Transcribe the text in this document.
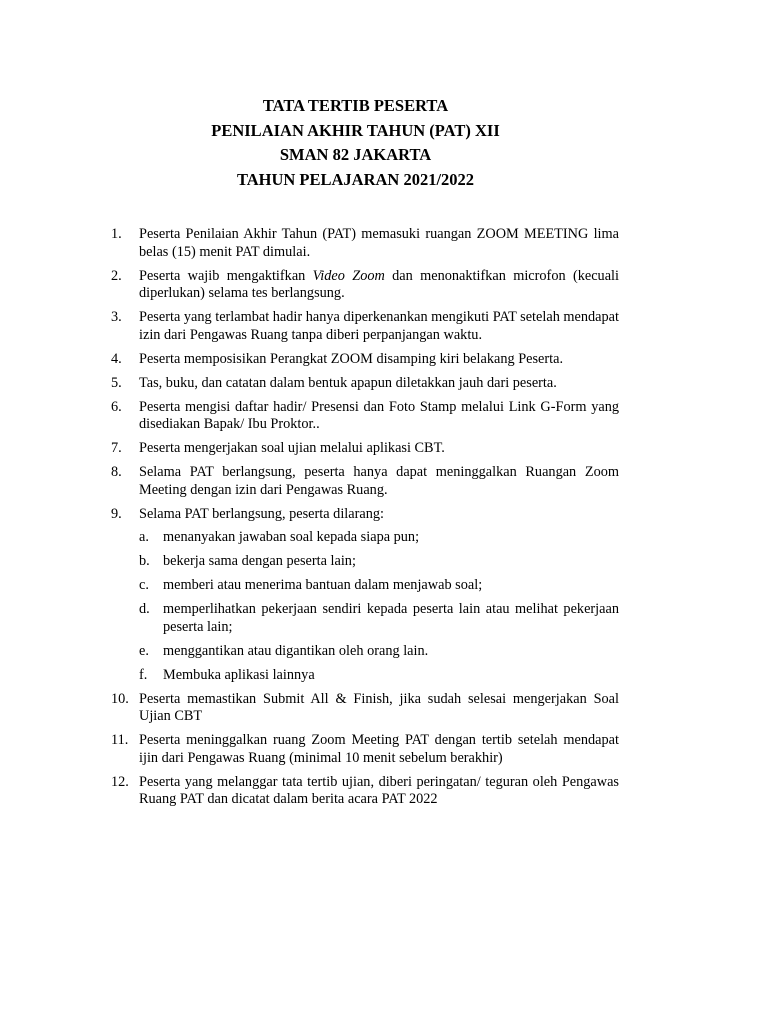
TATA TERTIB PESERTA
PENILAIAN AKHIR TAHUN (PAT) XII
SMAN 82 JAKARTA
TAHUN PELAJARAN 2021/2022
1.	Peserta Penilaian Akhir Tahun (PAT) memasuki ruangan ZOOM MEETING lima belas (15) menit PAT dimulai.
2.	Peserta wajib mengaktifkan Video Zoom dan menonaktifkan microfon (kecuali diperlukan) selama tes berlangsung.
3.	Peserta yang terlambat hadir hanya diperkenankan mengikuti PAT setelah mendapat izin dari Pengawas Ruang tanpa diberi perpanjangan waktu.
4.	Peserta memposisikan Perangkat ZOOM disamping kiri belakang Peserta.
5.	Tas, buku, dan catatan dalam bentuk apapun diletakkan jauh dari peserta.
6.	Peserta mengisi daftar hadir/ Presensi dan Foto Stamp melalui Link G-Form yang disediakan Bapak/ Ibu Proktor..
7.	Peserta mengerjakan soal ujian melalui aplikasi CBT.
8.	Selama PAT berlangsung, peserta hanya dapat meninggalkan Ruangan Zoom Meeting dengan izin dari Pengawas Ruang.
9.	Selama PAT berlangsung, peserta dilarang:
a. menanyakan jawaban soal kepada siapa pun;
b. bekerja sama dengan peserta lain;
c. memberi atau menerima bantuan dalam menjawab soal;
d. memperlihatkan pekerjaan sendiri kepada peserta lain atau melihat pekerjaan peserta lain;
e. menggantikan atau digantikan oleh orang lain.
f. Membuka aplikasi lainnya
10. Peserta memastikan Submit All & Finish, jika sudah selesai mengerjakan Soal Ujian CBT
11. Peserta meninggalkan ruang Zoom Meeting PAT dengan tertib setelah mendapat ijin dari Pengawas Ruang (minimal 10 menit sebelum berakhir)
12. Peserta yang melanggar tata tertib ujian, diberi peringatan/ teguran oleh Pengawas Ruang PAT dan dicatat dalam berita acara PAT 2022
